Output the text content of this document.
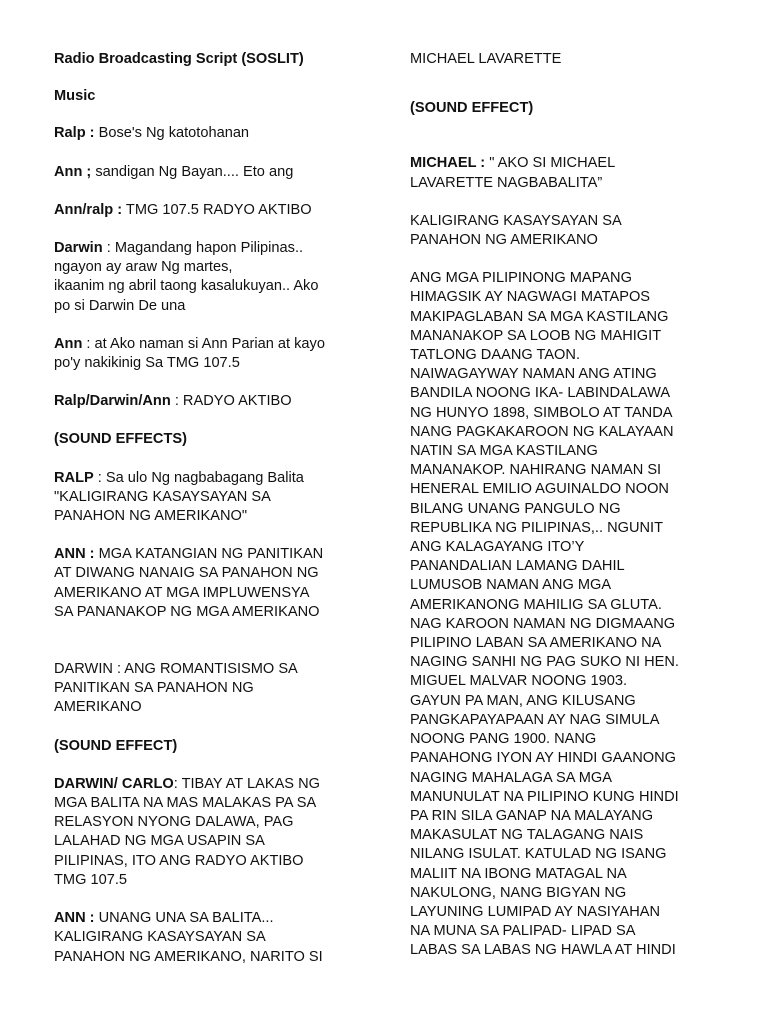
Radio Broadcasting Script (SOSLIT)

Music

Ralp : Bose's Ng katotohanan

Ann ; sandigan Ng Bayan.... Eto ang

Ann/ralp : TMG 107.5 RADYO AKTIBO

Darwin : Magandang hapon Pilipinas..
ngayon ay araw Ng martes,
ikaanim ng abril taong kasalukuyan.. Ako
po si Darwin De una

Ann : at Ako naman si Ann Parian at kayo
po'y nakikinig Sa TMG 107.5

Ralp/Darwin/Ann : RADYO AKTIBO

(SOUND EFFECTS)

RALP : Sa ulo Ng nagbabagang Balita
"KALIGIRANG KASAYSAYAN SA
PANAHON NG AMERIKANO"

ANN : MGA KATANGIAN NG PANITIKAN
AT DIWANG NANAIG SA PANAHON NG
AMERIKANO AT MGA IMPLUWENSYA
SA PANANAKOP NG MGA AMERIKANO

DARWIN : ANG ROMANTISISMO SA
PANITIKAN SA PANAHON NG
AMERIKANO

(SOUND EFFECT)

DARWIN/ CARLO: TIBAY AT LAKAS NG
MGA BALITA NA MAS MALAKAS PA SA
RELASYON NYONG DALAWA, PAG
LALAHAD NG MGA USAPIN SA
PILIPINAS, ITO ANG RADYO AKTIBO
TMG 107.5

ANN : UNANG UNA SA BALITA...
KALIGIRANG KASAYSAYAN SA
PANAHON NG AMERIKANO, NARITO SI

MICHAEL LAVARETTE

(SOUND EFFECT)

MICHAEL : " AKO SI MICHAEL
LAVARETTE NAGBABALITA”

KALIGIRANG KASAYSAYAN SA
PANAHON NG AMERIKANO

ANG MGA PILIPINONG MAPANG
HIMAGSIK AY NAGWAGI MATAPOS
MAKIPAGLABAN SA MGA KASTILANG
MANANAKOP SA LOOB NG MAHIGIT
TATLONG DAANG TAON.
NAIWAGAYWAY NAMAN ANG ATING
BANDILA NOONG IKA- LABINDALAWA
NG HUNYO 1898, SIMBOLO AT TANDA
NANG PAGKAKAROON NG KALAYAAN
NATIN SA MGA KASTILANG
MANANAKOP. NAHIRANG NAMAN SI
HENERAL EMILIO AGUINALDO NOON
BILANG UNANG PANGULO NG
REPUBLIKA NG PILIPINAS,.. NGUNIT
ANG KALAGAYANG ITO’Y
PANANDALIAN LAMANG DAHIL
LUMUSOB NAMAN ANG MGA
AMERIKANONG MAHILIG SA GLUTA.
NAG KAROON NAMAN NG DIGMAANG
PILIPINO LABAN SA AMERIKANO NA
NAGING SANHI NG PAG SUKO NI HEN.
MIGUEL MALVAR NOONG 1903.
GAYUN PA MAN, ANG KILUSANG
PANGKAPAYAPAAN AY NAG SIMULA
NOONG PANG 1900. NANG
PANAHONG IYON AY HINDI GAANONG
NAGING MAHALAGA SA MGA
MANUNULAT NA PILIPINO KUNG HINDI
PA RIN SILA GANAP NA MALAYANG
MAKASULAT NG TALAGANG NAIS
NILANG ISULAT. KATULAD NG ISANG
MALIIT NA IBONG MATAGAL NA
NAKULONG, NANG BIGYAN NG
LAYUNING LUMIPAD AY NASIYAHAN
NA MUNA SA PALIPAD- LIPAD SA
LABAS SA LABAS NG HAWLA AT HINDI
